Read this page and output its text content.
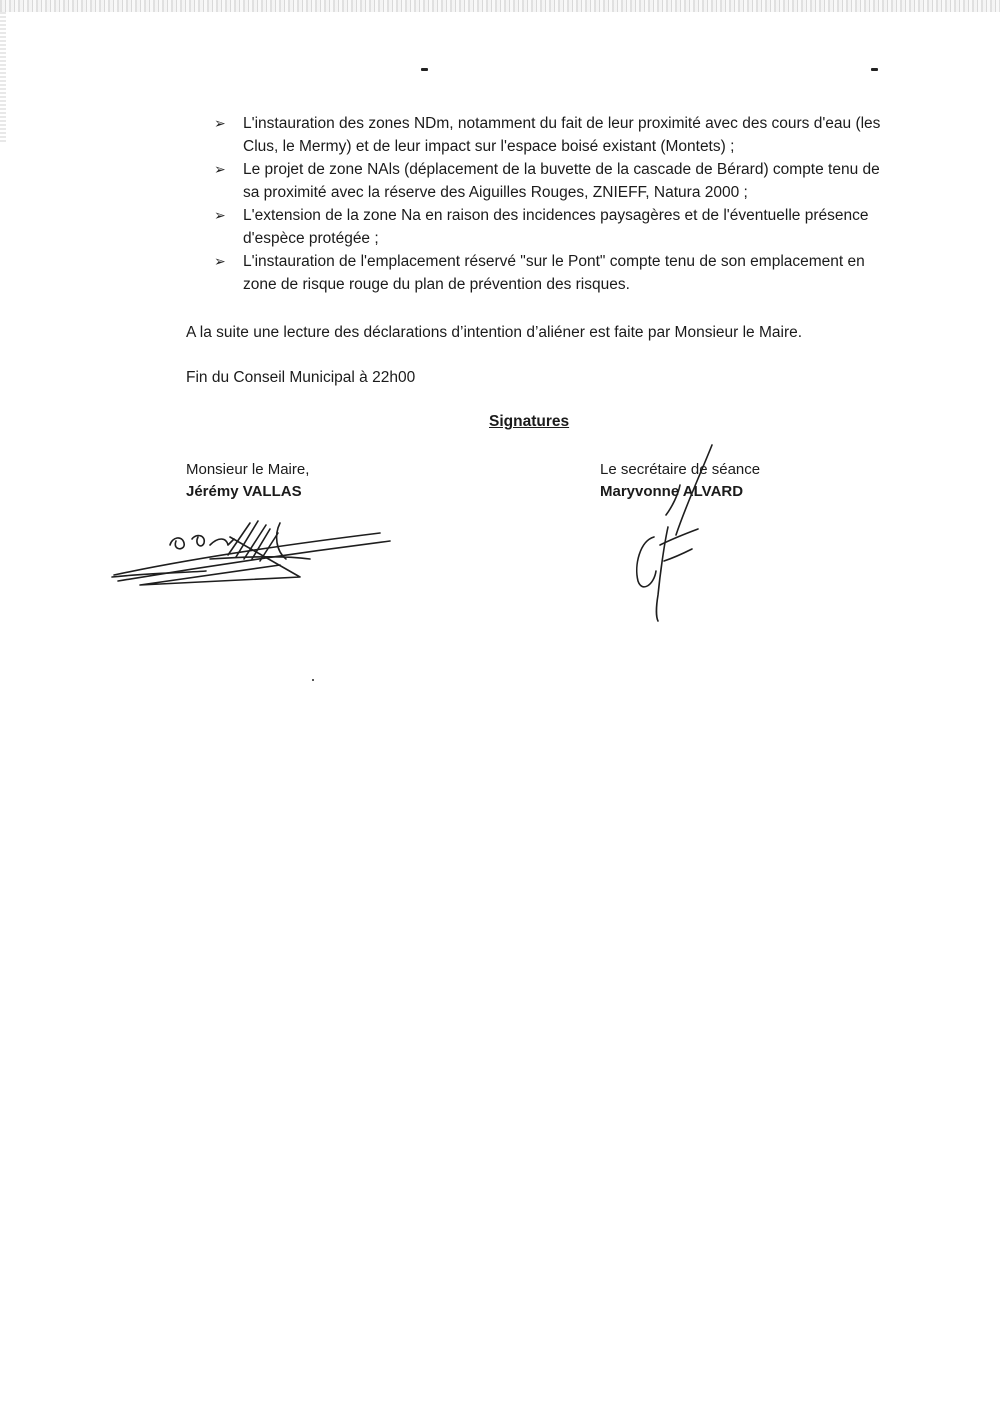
➢ L'instauration des zones NDm, notamment du fait de leur proximité avec des cours d'eau (les Clus, le Mermy) et de leur impact sur l'espace boisé existant (Montets) ;
➢ Le projet de zone NAls (déplacement de la buvette de la cascade de Bérard) compte tenu de sa proximité avec la réserve des Aiguilles Rouges, ZNIEFF, Natura 2000 ;
➢ L'extension de la zone Na en raison des incidences paysagères et de l'éventuelle présence d'espèce protégée ;
➢ L'instauration de l'emplacement réservé "sur le Pont" compte tenu de son emplacement en zone de risque rouge du plan de prévention des risques.

A la suite une lecture des déclarations d’intention d’aliéner est faite par Monsieur le Maire.

Fin du Conseil Municipal à 22h00

Signatures

Monsieur le Maire,
Jérémy VALLAS
Le secrétaire de séance
Maryvonne ALVARD
